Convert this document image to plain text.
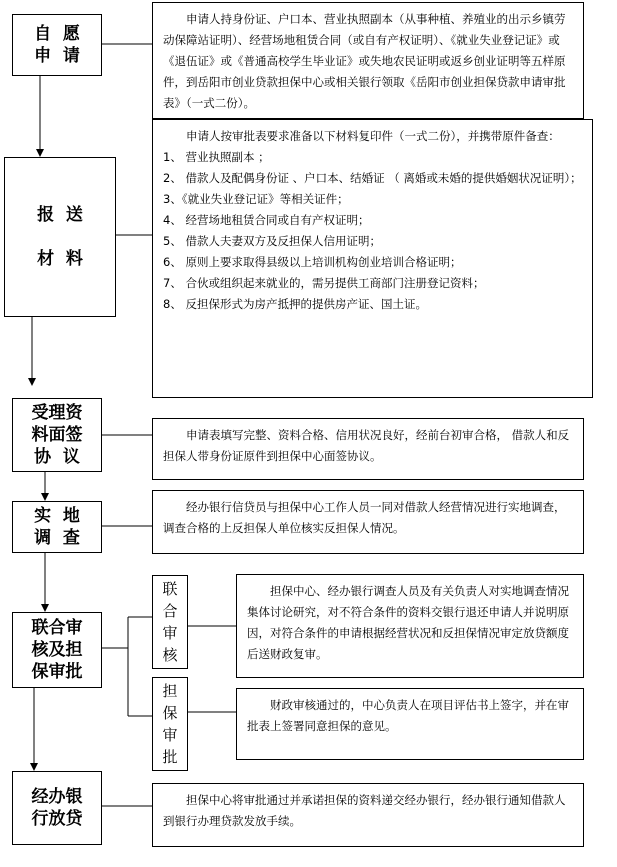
自  愿
申  请
报  送

材  料
受理资
料面签
协  议
实  地
调  查
联合审
核及担
保审批
经办银
行放贷
联
合
审
核
担
保
审
批

申请人持身份证、户口本、营业执照副本（从事种植、养殖业的出示乡镇劳动保障站证明）、经营场地租赁合同（或自有产权证明）、《就业失业登记证》或《退伍证》或《普通高校学生毕业证》或失地农民证明或返乡创业证明等五样原件，到岳阳市创业贷款担保中心或相关银行领取《岳阳市创业担保贷款申请审批表》（一式二份）。

申请人按审批表要求准备以下材料复印件（一式二份），并携带原件备查：

1、 营业执照副本 ；
2、 借款人及配偶身份证 、户口本、结婚证 （ 离婚或未婚的提供婚姻状况证明）；
3、《就业失业登记证》等相关证件；
4、 经营场地租赁合同或自有产权证明；
5、 借款人夫妻双方及反担保人信用证明；
6、 原则上要求取得县级以上培训机构创业培训合格证明；
7、 合伙或组织起来就业的，需另提供工商部门注册登记资料；
8、 反担保形式为房产抵押的提供房产证、国土证。

申请表填写完整、资料合格、信用状况良好，经前台初审合格， 借款人和反担保人带身份证原件到担保中心面签协议。

经办银行信贷员与担保中心工作人员一同对借款人经营情况进行实地调查，调查合格的上反担保人单位核实反担保人情况。

担保中心、经办银行调查人员及有关负责人对实地调查情况集体讨论研究，对不符合条件的资料交银行退还申请人并说明原因，对符合条件的申请根据经营状况和反担保情况审定放贷额度后送财政复审。

财政审核通过的，中心负责人在项目评估书上签字，并在审批表上签署同意担保的意见。

担保中心将审批通过并承诺担保的资料递交经办银行，经办银行通知借款人到银行办理贷款发放手续。
